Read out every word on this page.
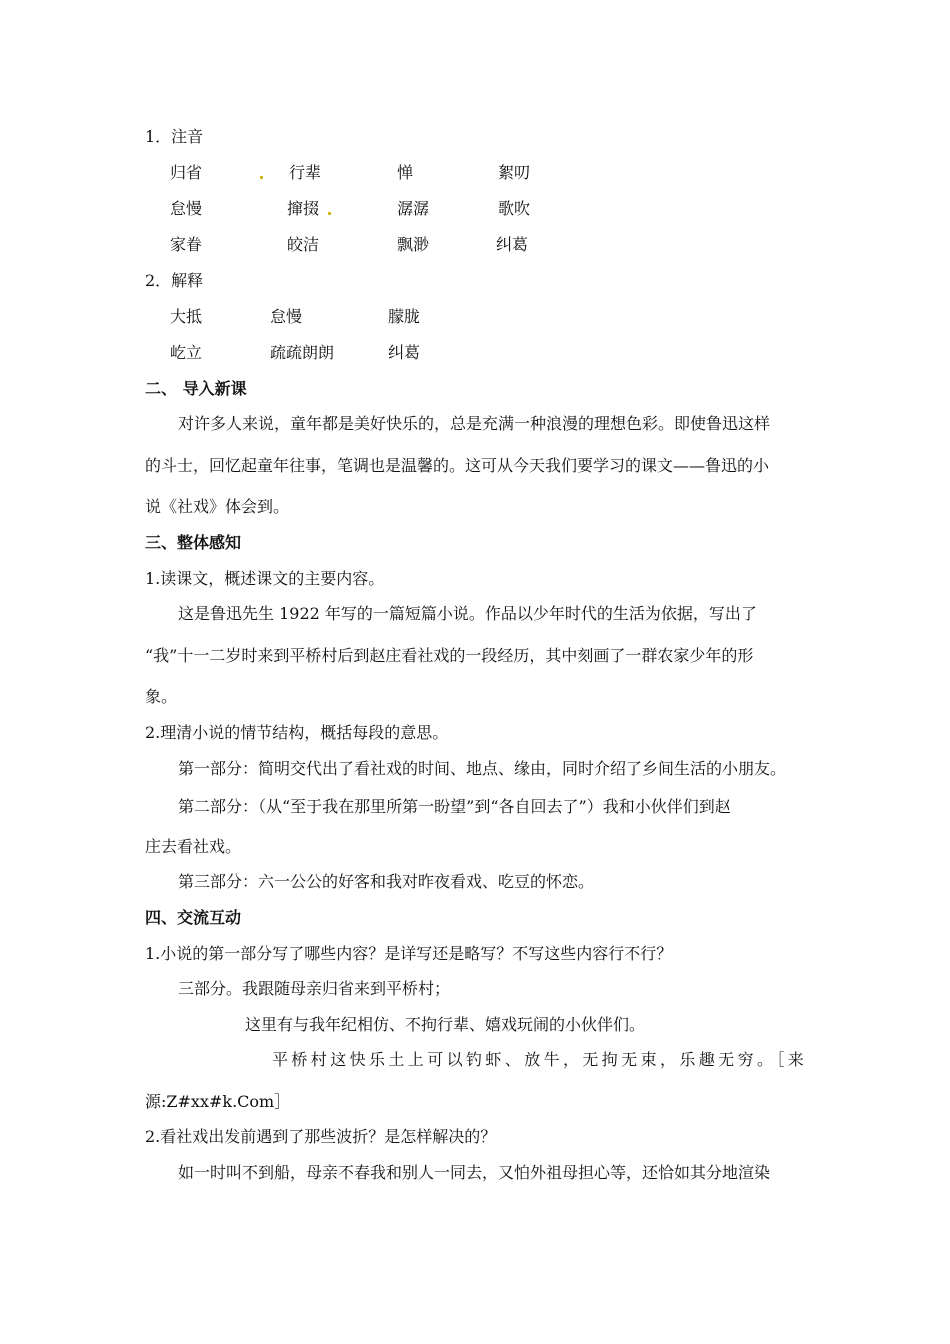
1．注音
归省	行辈	惮	絮叨
怠慢	撺掇	潺潺	歌吹
家眷	皎洁	飘渺	纠葛
2．解释
大抵	怠慢	朦胧
屹立	疏疏朗朗	纠葛
二、 导入新课
对许多人来说，童年都是美好快乐的，总是充满一种浪漫的理想色彩。即使鲁迅这样
的斗士，回忆起童年往事，笔调也是温馨的。这可从今天我们要学习的课文——鲁迅的小
说《社戏》体会到。
三、整体感知
1.读课文，概述课文的主要内容。
这是鲁迅先生 1922 年写的一篇短篇小说。作品以少年时代的生活为依据，写出了
“我”十一二岁时来到平桥村后到赵庄看社戏的一段经历，其中刻画了一群农家少年的形
象。
2.理清小说的情节结构，概括每段的意思。
第一部分：简明交代出了看社戏的时间、地点、缘由，同时介绍了乡间生活的小朋友。
第二部分：（从“至于我在那里所第一盼望”到“各自回去了”）我和小伙伴们到赵
庄去看社戏。
第三部分：六一公公的好客和我对昨夜看戏、吃豆的怀恋。
四、交流互动
1.小说的第一部分写了哪些内容？是详写还是略写？不写这些内容行不行？
三部分。我跟随母亲归省来到平桥村；
这里有与我年纪相仿、不拘行辈、嬉戏玩闹的小伙伴们。
平桥村这快乐土上可以钓虾、放牛，无拘无束，乐趣无穷。［来
源:Z#xx#k.Com］
2.看社戏出发前遇到了那些波折？是怎样解决的？
如一时叫不到船，母亲不春我和别人一同去，又怕外祖母担心等，还恰如其分地渲染
